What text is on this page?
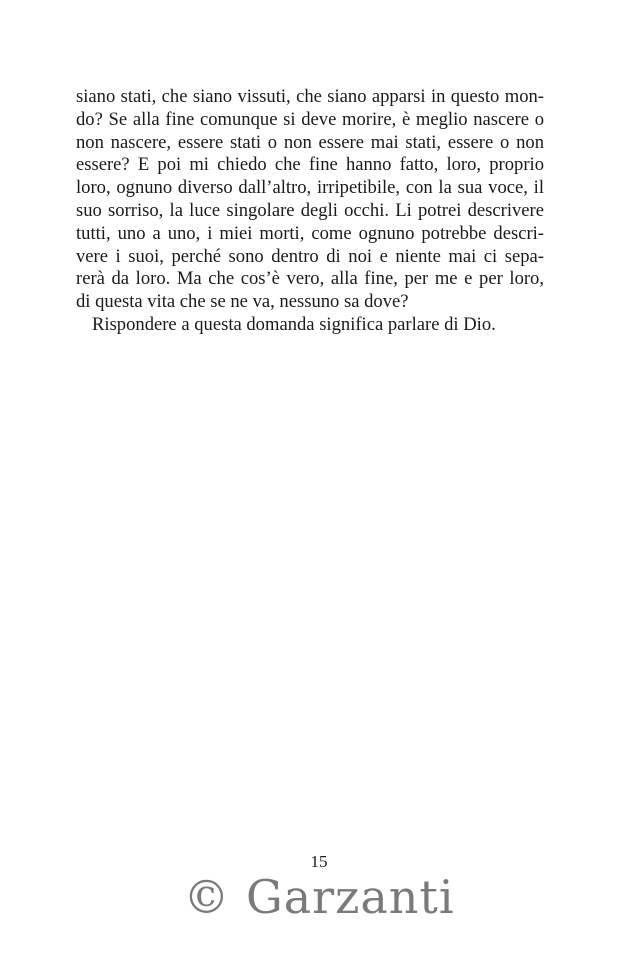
siano stati, che siano vissuti, che siano apparsi in questo mon-
do? Se alla fine comunque si deve morire, è meglio nascere o
non nascere, essere stati o non essere mai stati, essere o non
essere? E poi mi chiedo che fine hanno fatto, loro, proprio
loro, ognuno diverso dall’altro, irripetibile, con la sua voce, il
suo sorriso, la luce singolare degli occhi. Li potrei descrivere
tutti, uno a uno, i miei morti, come ognuno potrebbe descri-
vere i suoi, perché sono dentro di noi e niente mai ci sepa-
rerà da loro. Ma che cos’è vero, alla fine, per me e per loro,
di questa vita che se ne va, nessuno sa dove?
Rispondere a questa domanda significa parlare di Dio.
15
© Garzanti
